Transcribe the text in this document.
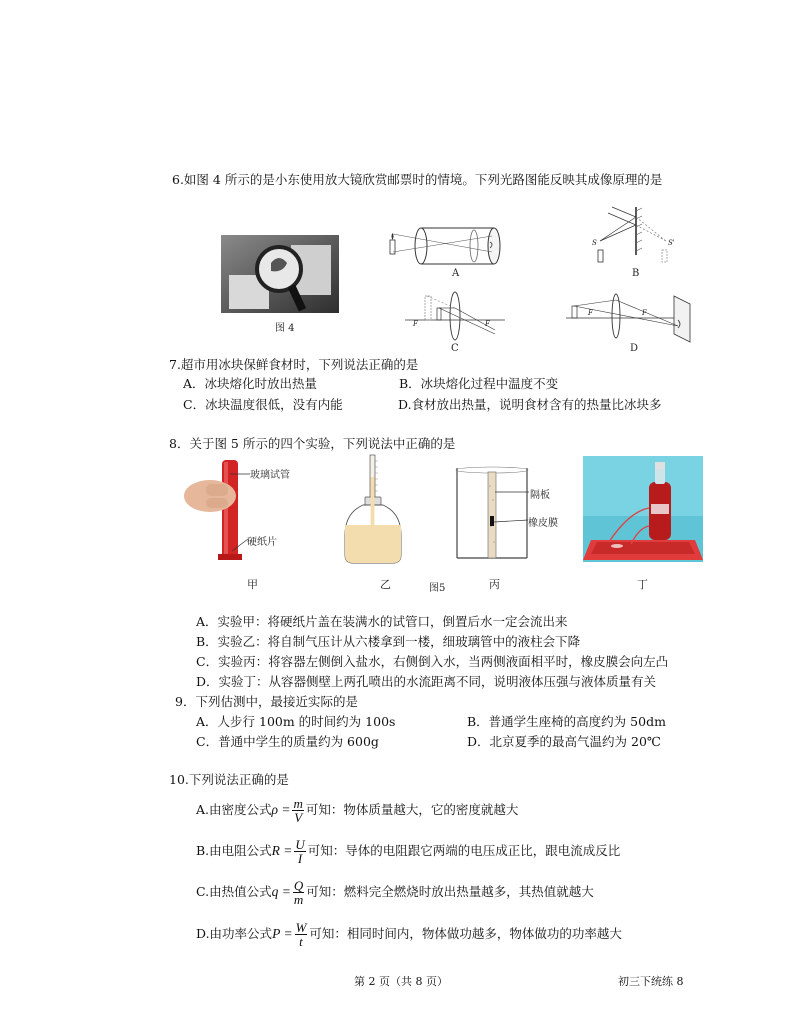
6.如图 4 所示的是小东使用放大镜欣赏邮票时的情境。下列光路图能反映其成像原理的是
图 4
A
S	S'
B
F	F
C
F	F
D
7.超市用冰块保鲜食材时，下列说法正确的是
A．冰块熔化时放出热量	B．冰块熔化过程中温度不变
C．冰块温度很低，没有内能	D.食材放出热量，说明食材含有的热量比冰块多
8．关于图 5 所示的四个实验，下列说法中正确的是
玻璃试管
硬纸片
隔板
橡皮膜
甲	乙	图5	丙	丁
A．实验甲：将硬纸片盖在装满水的试管口，倒置后水一定会流出来
B．实验乙：将自制气压计从六楼拿到一楼，细玻璃管中的液柱会下降
C．实验丙：将容器左侧倒入盐水，右侧倒入水，当两侧液面相平时，橡皮膜会向左凸
D．实验丁：从容器侧壁上两孔喷出的水流距离不同，说明液体压强与液体质量有关
9．下列估测中，最接近实际的是
A．人步行 100m 的时间约为 100s	B．普通学生座椅的高度约为 50dm
C．普通中学生的质量约为 600g	D．北京夏季的最高气温约为 20℃
10.下列说法正确的是
A.由密度公式$\rho = \frac{m}{V}$ 可知：物体质量越大，它的密度就越大
B.由电阻公式$R = \frac{U}{I}$ 可知：导体的电阻跟它两端的电压成正比，跟电流成反比
C.由热值公式$q = \frac{Q}{m}$ 可知：燃料完全燃烧时放出热量越多，其热值就越大
D.由功率公式$P = \frac{W}{t}$ 可知：相同时间内，物体做功越多，物体做功的功率越大
第 2 页（共 8 页）	初三下统练 8
